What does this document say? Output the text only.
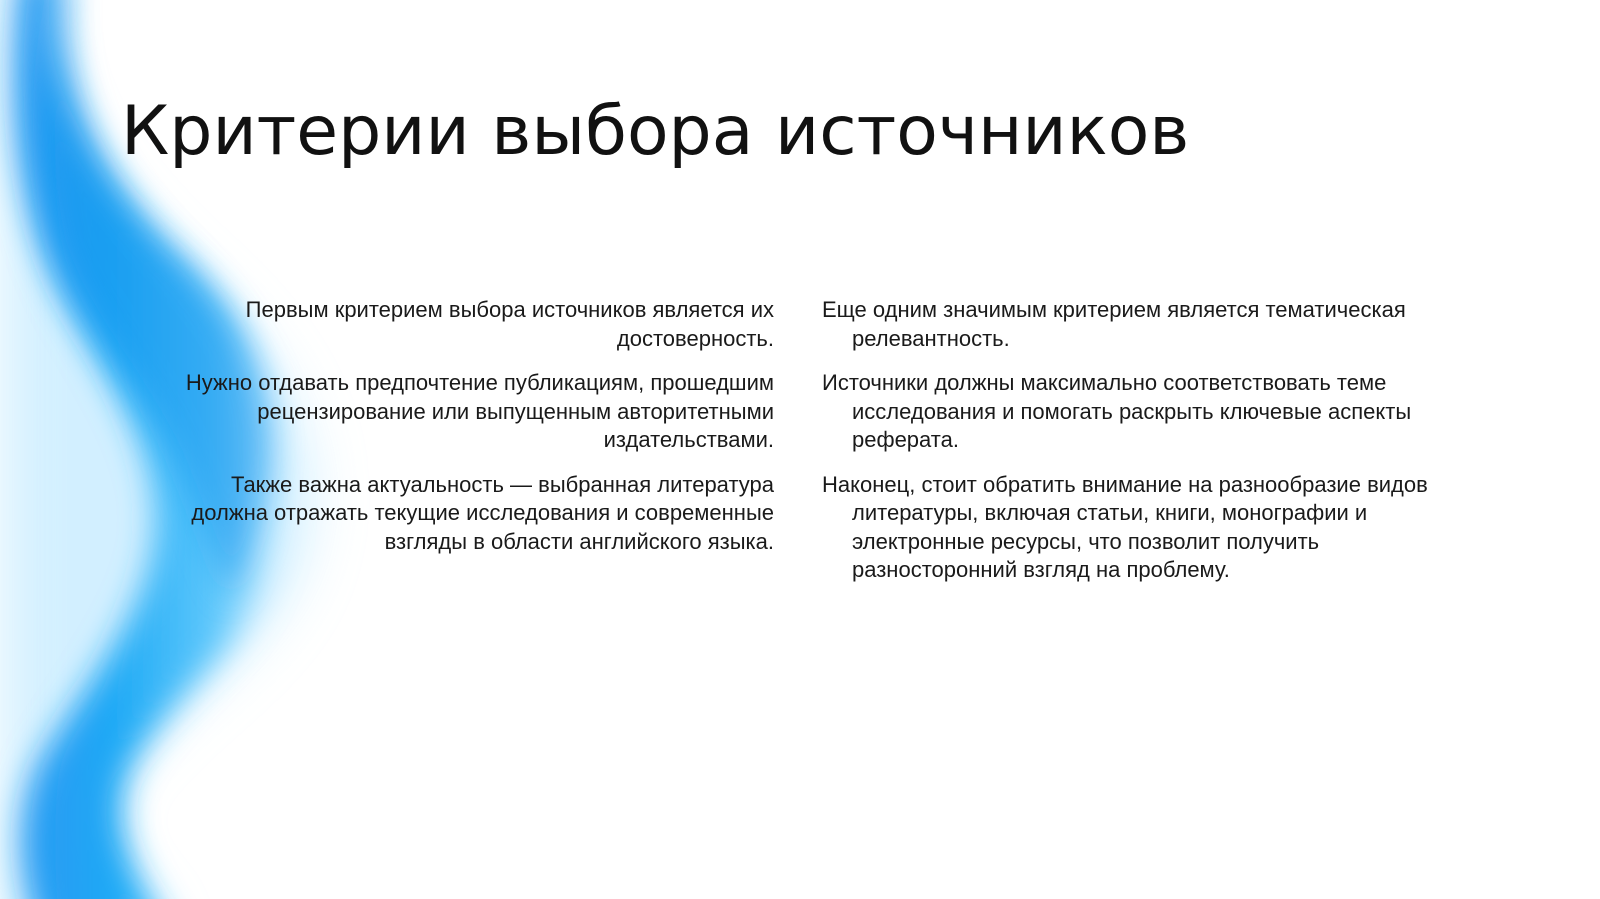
Критерии выбора источников

Первым критерием выбора источников является их достоверность.

Нужно отдавать предпочтение публикациям, прошедшим рецензирование или выпущенным авторитетными издательствами.

Также важна актуальность — выбранная литература должна отражать текущие исследования и современные взгляды в области английского языка.

Еще одним значимым критерием является тематическая релевантность.

Источники должны максимально соответствовать теме исследования и помогать раскрыть ключевые аспекты реферата.

Наконец, стоит обратить внимание на разнообразие видов литературы, включая статьи, книги, монографии и электронные ресурсы, что позволит получить разносторонний взгляд на проблему.
